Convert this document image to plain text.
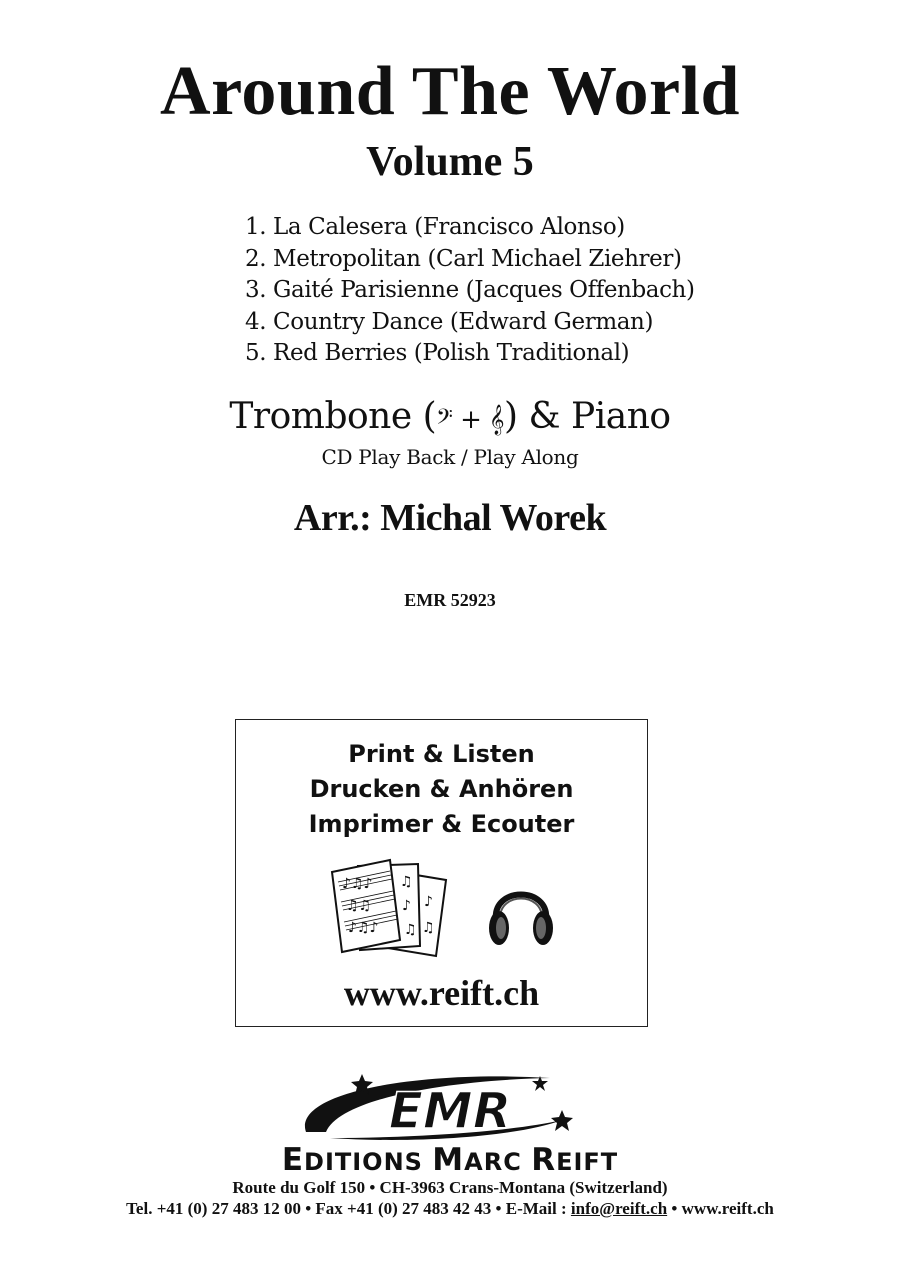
Around The World
Volume 5
1. La Calesera (Francisco Alonso)
2. Metropolitan (Carl Michael Ziehrer)
3. Gaité Parisienne (Jacques Offenbach)
4. Country Dance (Edward German)
5. Red Berries (Polish Traditional)
Trombone (𝄢 + 𝄞) & Piano
CD Play Back / Play Along
Arr.: Michal Worek
EMR 52923
Print & Listen
Drucken & Anhören
Imprimer & Ecouter
♪♫♪
♫♫
♪♫♪
♫
♪
♫
♪
♫
www.reift.ch
EMR
EDITIONS MARC REIFT
Route du Golf 150 • CH-3963 Crans-Montana (Switzerland)
Tel. +41 (0) 27 483 12 00 • Fax +41 (0) 27 483 42 43 • E-Mail : info@reift.ch • www.reift.ch
